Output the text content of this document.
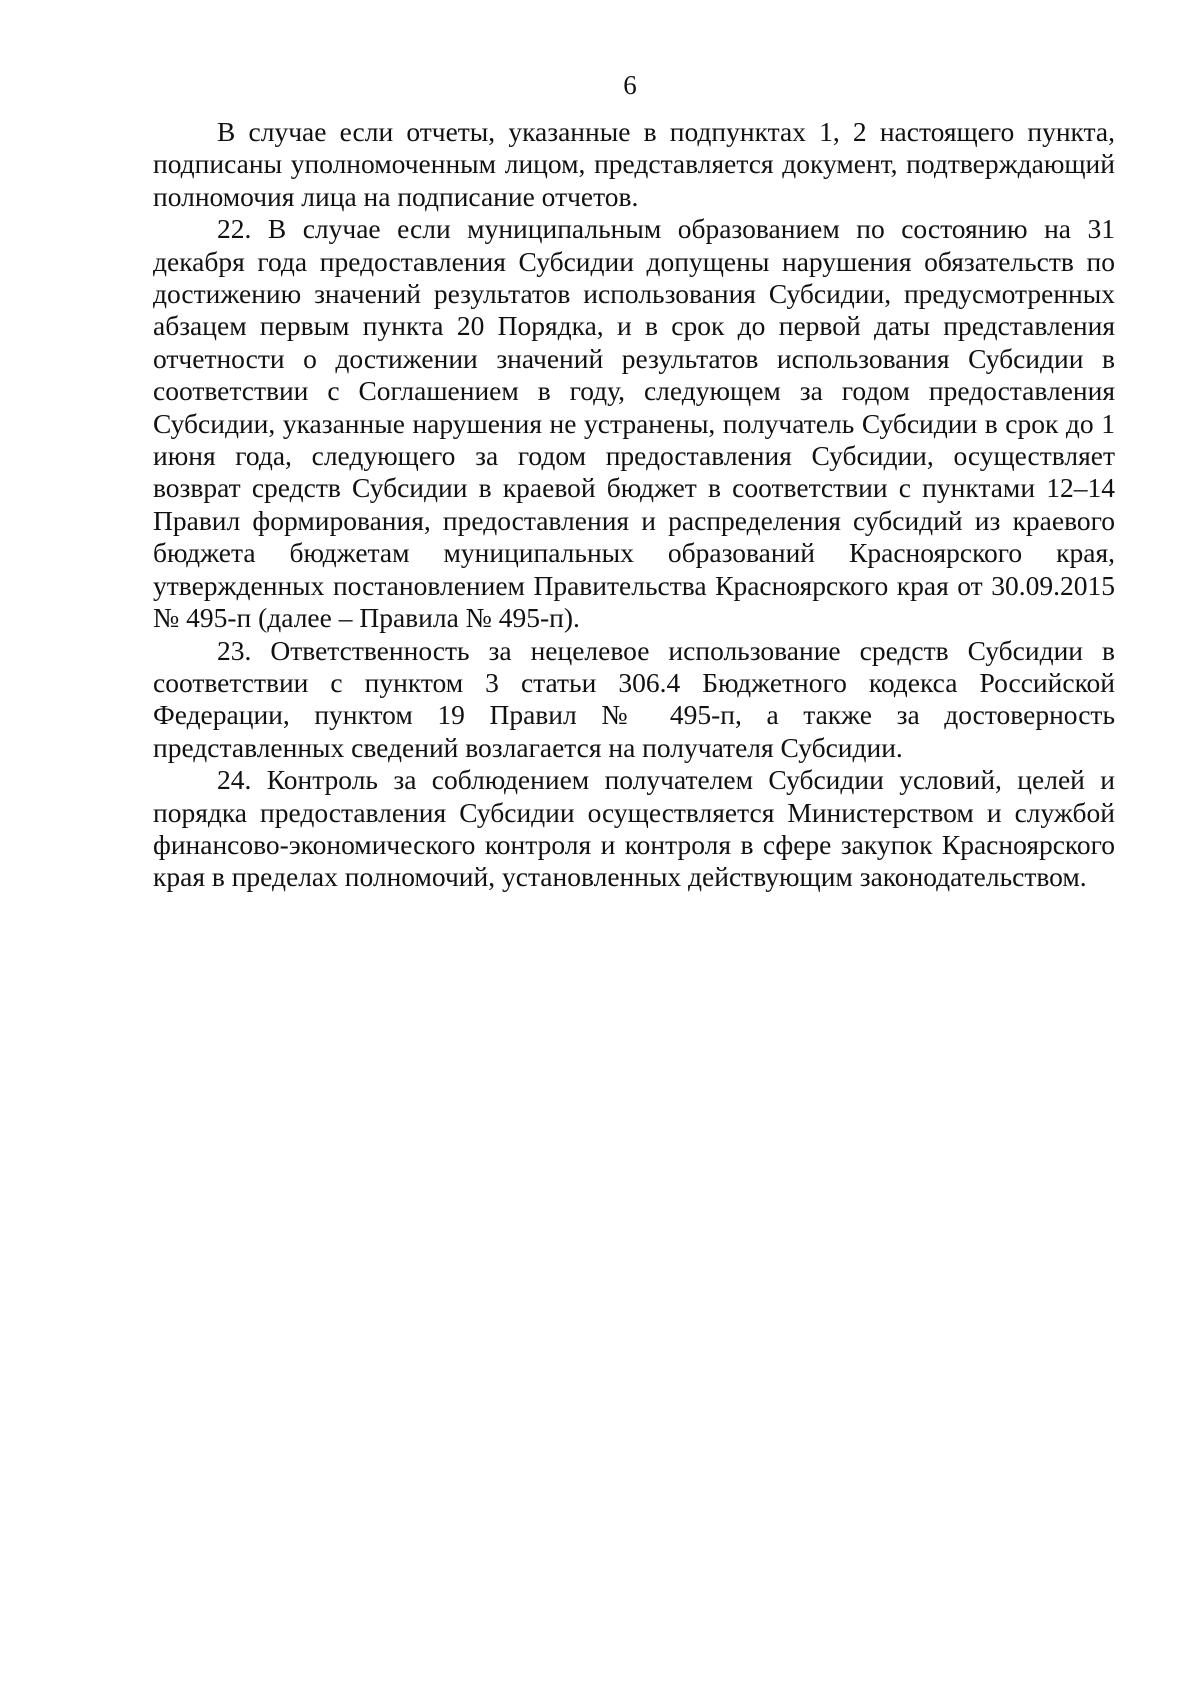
6

В случае если отчеты, указанные в подпунктах 1, 2 настоящего пункта, подписаны уполномоченным лицом, представляется документ, подтверждающий полномочия лица на подписание отчетов.

22. В случае если муниципальным образованием по состоянию на 31 декабря года предоставления Субсидии допущены нарушения обязательств по достижению значений результатов использования Субсидии, предусмотренных абзацем первым пункта 20 Порядка, и в срок до первой даты представления отчетности о достижении значений результатов использования Субсидии в соответствии с Соглашением в году, следующем за годом предоставления Субсидии, указанные нарушения не устранены, получатель Субсидии в срок до 1 июня года, следующего за годом предоставления Субсидии, осуществляет возврат средств Субсидии в краевой бюджет в соответствии с пунктами 12–14 Правил формирования, предоставления и распределения субсидий из краевого бюджета бюджетам муниципальных образований Красноярского края, утвержденных постановлением Правительства Красноярского края от 30.09.2015 № 495-п (далее – Правила № 495-п).

23. Ответственность за нецелевое использование средств Субсидии в соответствии с пунктом 3 статьи 306.4 Бюджетного кодекса Российской Федерации, пунктом 19 Правил № 495-п, а также за достоверность представленных сведений возлагается на получателя Субсидии.

24. Контроль за соблюдением получателем Субсидии условий, целей и порядка предоставления Субсидии осуществляется Министерством и службой финансово-экономического контроля и контроля в сфере закупок Красноярского края в пределах полномочий, установленных действующим законодательством.
